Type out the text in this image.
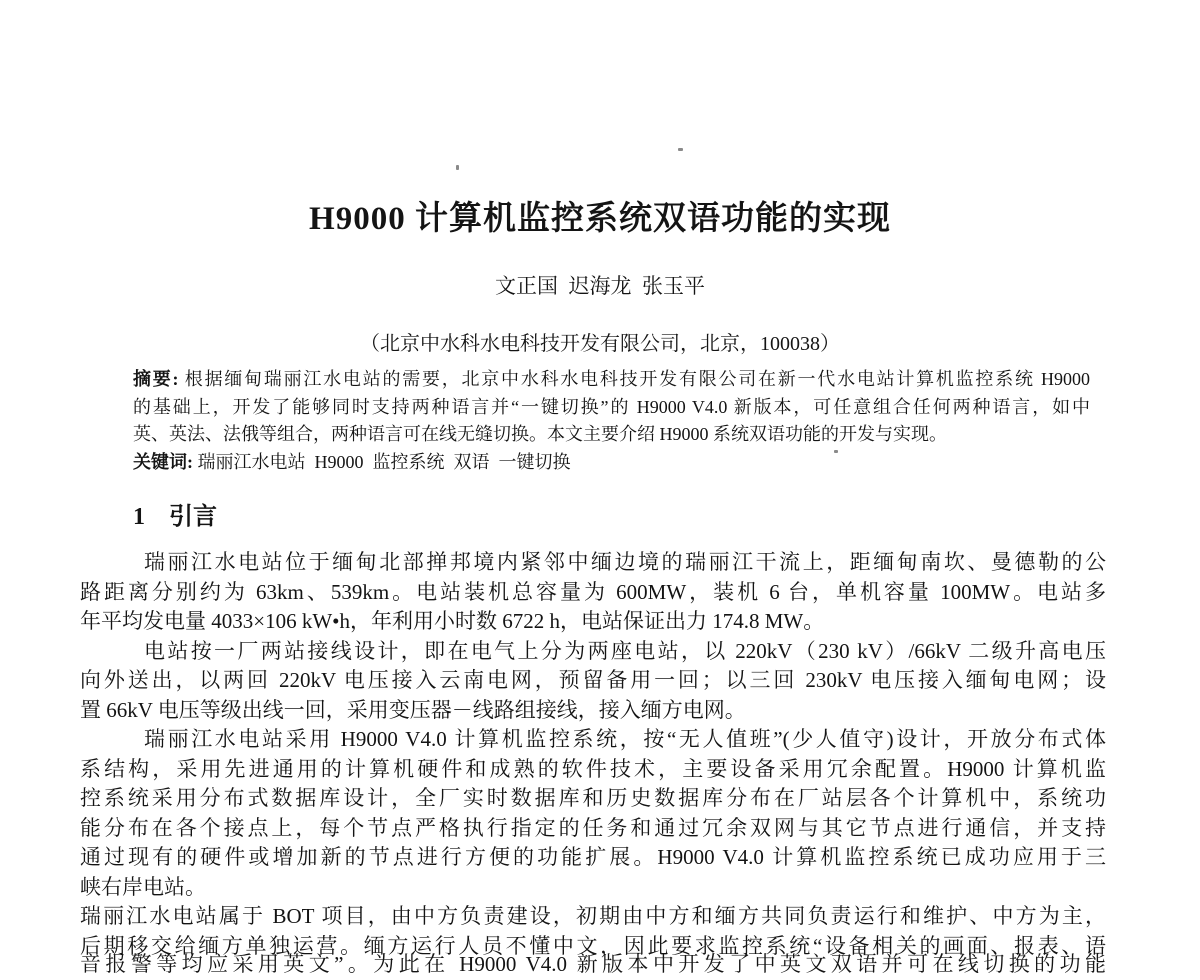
H9000 计算机监控系统双语功能的实现
文正国  迟海龙  张玉平
（北京中水科水电科技开发有限公司，北京，100038）
摘要: 根据缅甸瑞丽江水电站的需要，北京中水科水电科技开发有限公司在新一代水电站计算机监控系统 H9000
的基础上，开发了能够同时支持两种语言并“一键切换”的 H9000 V4.0 新版本，可任意组合任何两种语言，如中
英、英法、法俄等组合，两种语言可在线无缝切换。本文主要介绍 H9000 系统双语功能的开发与实现。
关键词: 瑞丽江水电站  H9000  监控系统  双语  一键切换
1　引言
瑞丽江水电站位于缅甸北部掸邦境内紧邻中缅边境的瑞丽江干流上，距缅甸南坎、曼德勒的公
路距离分别约为 63km、539km。电站装机总容量为 600MW，装机 6 台，单机容量 100MW。电站多
年平均发电量 4033×106 kW•h，年利用小时数 6722 h，电站保证出力 174.8 MW。
电站按一厂两站接线设计，即在电气上分为两座电站，以 220kV（230 kV）/66kV 二级升高电压
向外送出，以两回 220kV 电压接入云南电网，预留备用一回；以三回 230kV 电压接入缅甸电网；设
置 66kV 电压等级出线一回，采用变压器－线路组接线，接入缅方电网。
瑞丽江水电站采用 H9000 V4.0 计算机监控系统，按“无人值班”(少人值守)设计，开放分布式体
系结构，采用先进通用的计算机硬件和成熟的软件技术，主要设备采用冗余配置。H9000 计算机监
控系统采用分布式数据库设计，全厂实时数据库和历史数据库分布在厂站层各个计算机中，系统功
能分布在各个接点上，每个节点严格执行指定的任务和通过冗余双网与其它节点进行通信，并支持
通过现有的硬件或增加新的节点进行方便的功能扩展。H9000 V4.0 计算机监控系统已成功应用于三
峡右岸电站。
瑞丽江水电站属于 BOT 项目，由中方负责建设，初期由中方和缅方共同负责运行和维护、中方为主，
后期移交给缅方单独运营。缅方运行人员不懂中文，因此要求监控系统“设备相关的画面、报表、语
音报警等均应采用英文”。为此在 H9000 V4.0 新版本中开发了中英文双语并可在线切换的功能
